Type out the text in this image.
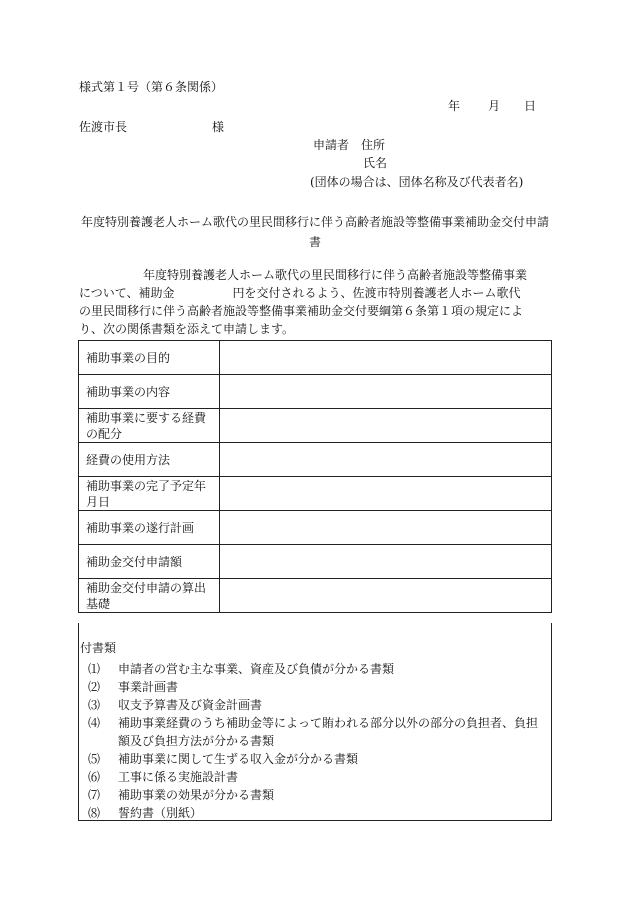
様式第１号（第６条関係）
年 月 日
佐渡市長	様
申請者 住所
氏名
(団体の場合は、団体名称及び代表者名)
年度特別養護老人ホーム歌代の里民間移行に伴う高齢者施設等整備事業補助金交付申請書
年度特別養護老人ホーム歌代の里民間移行に伴う高齢者施設等整備事業
について、補助金	円を交付されるよう、佐渡市特別養護老人ホーム歌代
の里民間移行に伴う高齢者施設等整備事業補助金交付要綱第６条第１項の規定によ
り、次の関係書類を添えて申請します。
補助事業の目的	
補助事業の内容	
補助事業に要する経費の配分	
経費の使用方法	
補助事業の完了予定年月日	
補助事業の遂行計画	
補助金交付申請額	
補助金交付申請の算出基礎	
付書類
⑴ 申請者の営む主な事業、資産及び負債が分かる書類
⑵ 事業計画書
⑶ 収支予算書及び資金計画書
⑷ 補助事業経費のうち補助金等によって賄われる部分以外の部分の負担者、負担額及び負担方法が分かる書類
⑸ 補助事業に関して生ずる収入金が分かる書類
⑹ 工事に係る実施設計書
⑺ 補助事業の効果が分かる書類
⑻ 誓約書（別紙）
